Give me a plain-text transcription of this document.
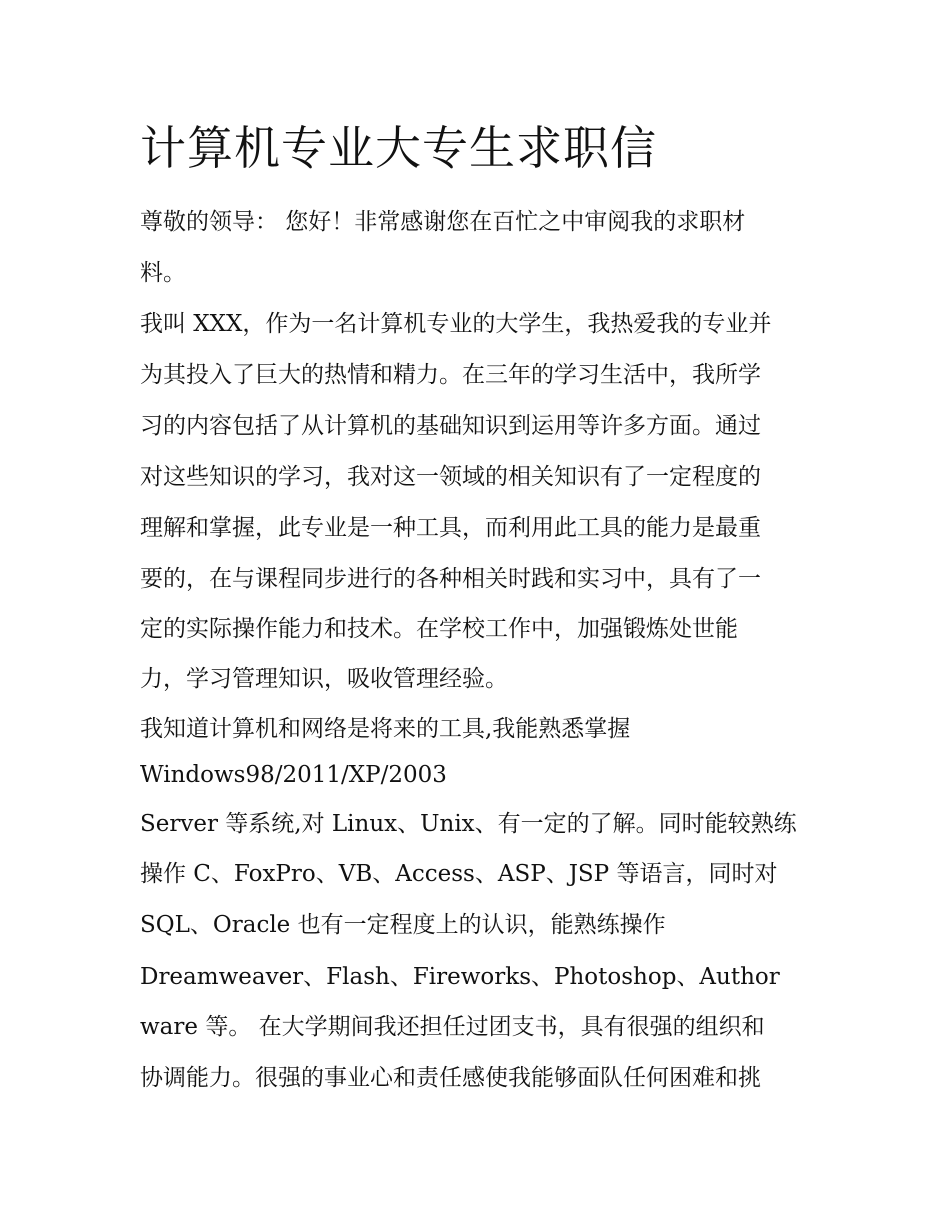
计算机专业大专生求职信
尊敬的领导： 您好！非常感谢您在百忙之中审阅我的求职材
料。
我叫 XXX，作为一名计算机专业的大学生，我热爱我的专业并
为其投入了巨大的热情和精力。在三年的学习生活中，我所学
习的内容包括了从计算机的基础知识到运用等许多方面。通过
对这些知识的学习，我对这一领域的相关知识有了一定程度的
理解和掌握，此专业是一种工具，而利用此工具的能力是最重
要的，在与课程同步进行的各种相关时践和实习中，具有了一
定的实际操作能力和技术。在学校工作中，加强锻炼处世能
力，学习管理知识，吸收管理经验。
我知道计算机和网络是将来的工具,我能熟悉掌握
Windows98/2011/XP/2003
Server 等系统,对 Linux、Unix、有一定的了解。同时能较熟练
操作 C、FoxPro、VB、Access、ASP、JSP 等语言，同时对
SQL、Oracle 也有一定程度上的认识，能熟练操作
Dreamweaver、Flash、Fireworks、Photoshop、Author
ware 等。 在大学期间我还担任过团支书，具有很强的组织和
协调能力。很强的事业心和责任感使我能够面队任何困难和挑
